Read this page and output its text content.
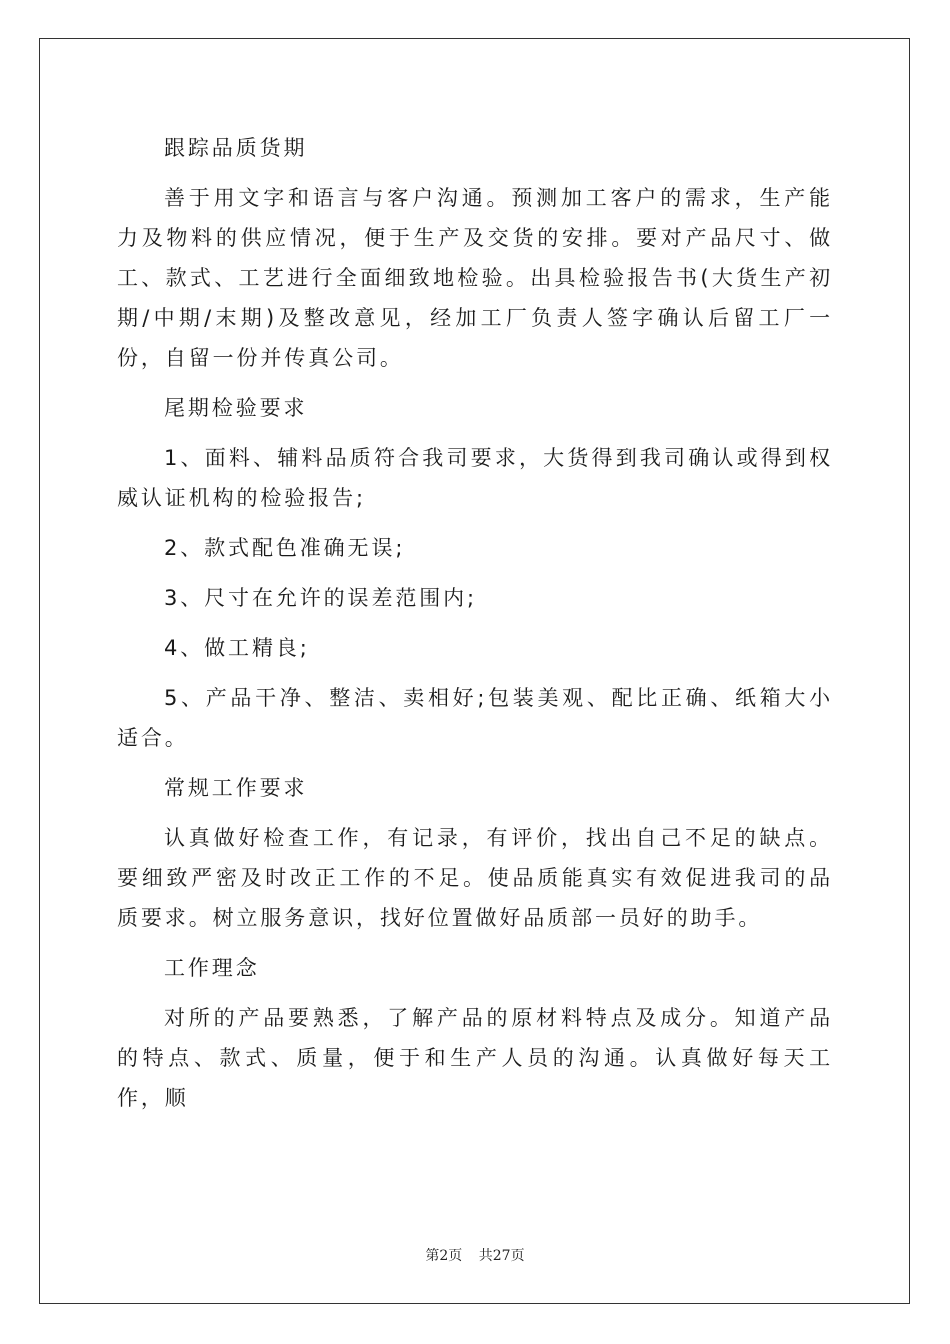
跟踪品质货期

善于用文字和语言与客户沟通。预测加工客户的需求，生产能力及物料的供应情况，便于生产及交货的安排。要对产品尺寸、做工、款式、工艺进行全面细致地检验。出具检验报告书(大货生产初期/中期/末期)及整改意见，经加工厂负责人签字确认后留工厂一份，自留一份并传真公司。

尾期检验要求

1、面料、辅料品质符合我司要求，大货得到我司确认或得到权威认证机构的检验报告;

2、款式配色准确无误;

3、尺寸在允许的误差范围内;

4、做工精良;

5、产品干净、整洁、卖相好;包装美观、配比正确、纸箱大小适合。

常规工作要求

认真做好检查工作，有记录，有评价，找出自己不足的缺点。要细致严密及时改正工作的不足。使品质能真实有效促进我司的品质要求。树立服务意识，找好位置做好品质部一员好的助手。

工作理念

对所的产品要熟悉，了解产品的原材料特点及成分。知道产品的特点、款式、质量，便于和生产人员的沟通。认真做好每天工作，顺

第2页 共27页
